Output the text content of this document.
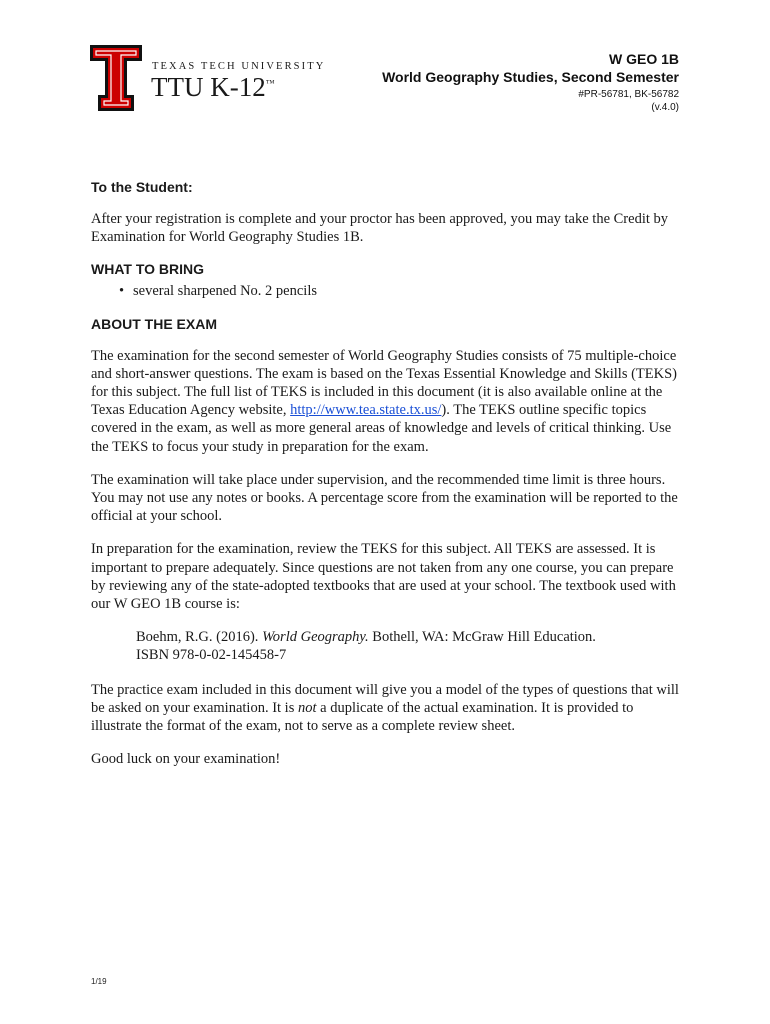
TEXAS TECH UNIVERSITY
TTU K-12™
W GEO 1B
World Geography Studies, Second Semester
#PR-56781, BK-56782
(v.4.0)
To the Student:

After your registration is complete and your proctor has been approved, you may take the Credit by Examination for World Geography Studies 1B.

WHAT TO BRING
• several sharpened No. 2 pencils
ABOUT THE EXAM

The examination for the second semester of World Geography Studies consists of 75 multiple-choice and short-answer questions. The exam is based on the Texas Essential Knowledge and Skills (TEKS) for this subject. The full list of TEKS is included in this document (it is also available online at the Texas Education Agency website, http://www.tea.state.tx.us/). The TEKS outline specific topics covered in the exam, as well as more general areas of knowledge and levels of critical thinking. Use the TEKS to focus your study in preparation for the exam.

The examination will take place under supervision, and the recommended time limit is three hours. You may not use any notes or books. A percentage score from the examination will be reported to the official at your school.

In preparation for the examination, review the TEKS for this subject. All TEKS are assessed. It is important to prepare adequately. Since questions are not taken from any one course, you can prepare by reviewing any of the state-adopted textbooks that are used at your school. The textbook used with our W GEO 1B course is:

Boehm, R.G. (2016). World Geography. Bothell, WA: McGraw Hill Education.
ISBN 978-0-02-145458-7

The practice exam included in this document will give you a model of the types of questions that will be asked on your examination. It is not a duplicate of the actual examination. It is provided to illustrate the format of the exam, not to serve as a complete review sheet.

Good luck on your examination!

1/19
